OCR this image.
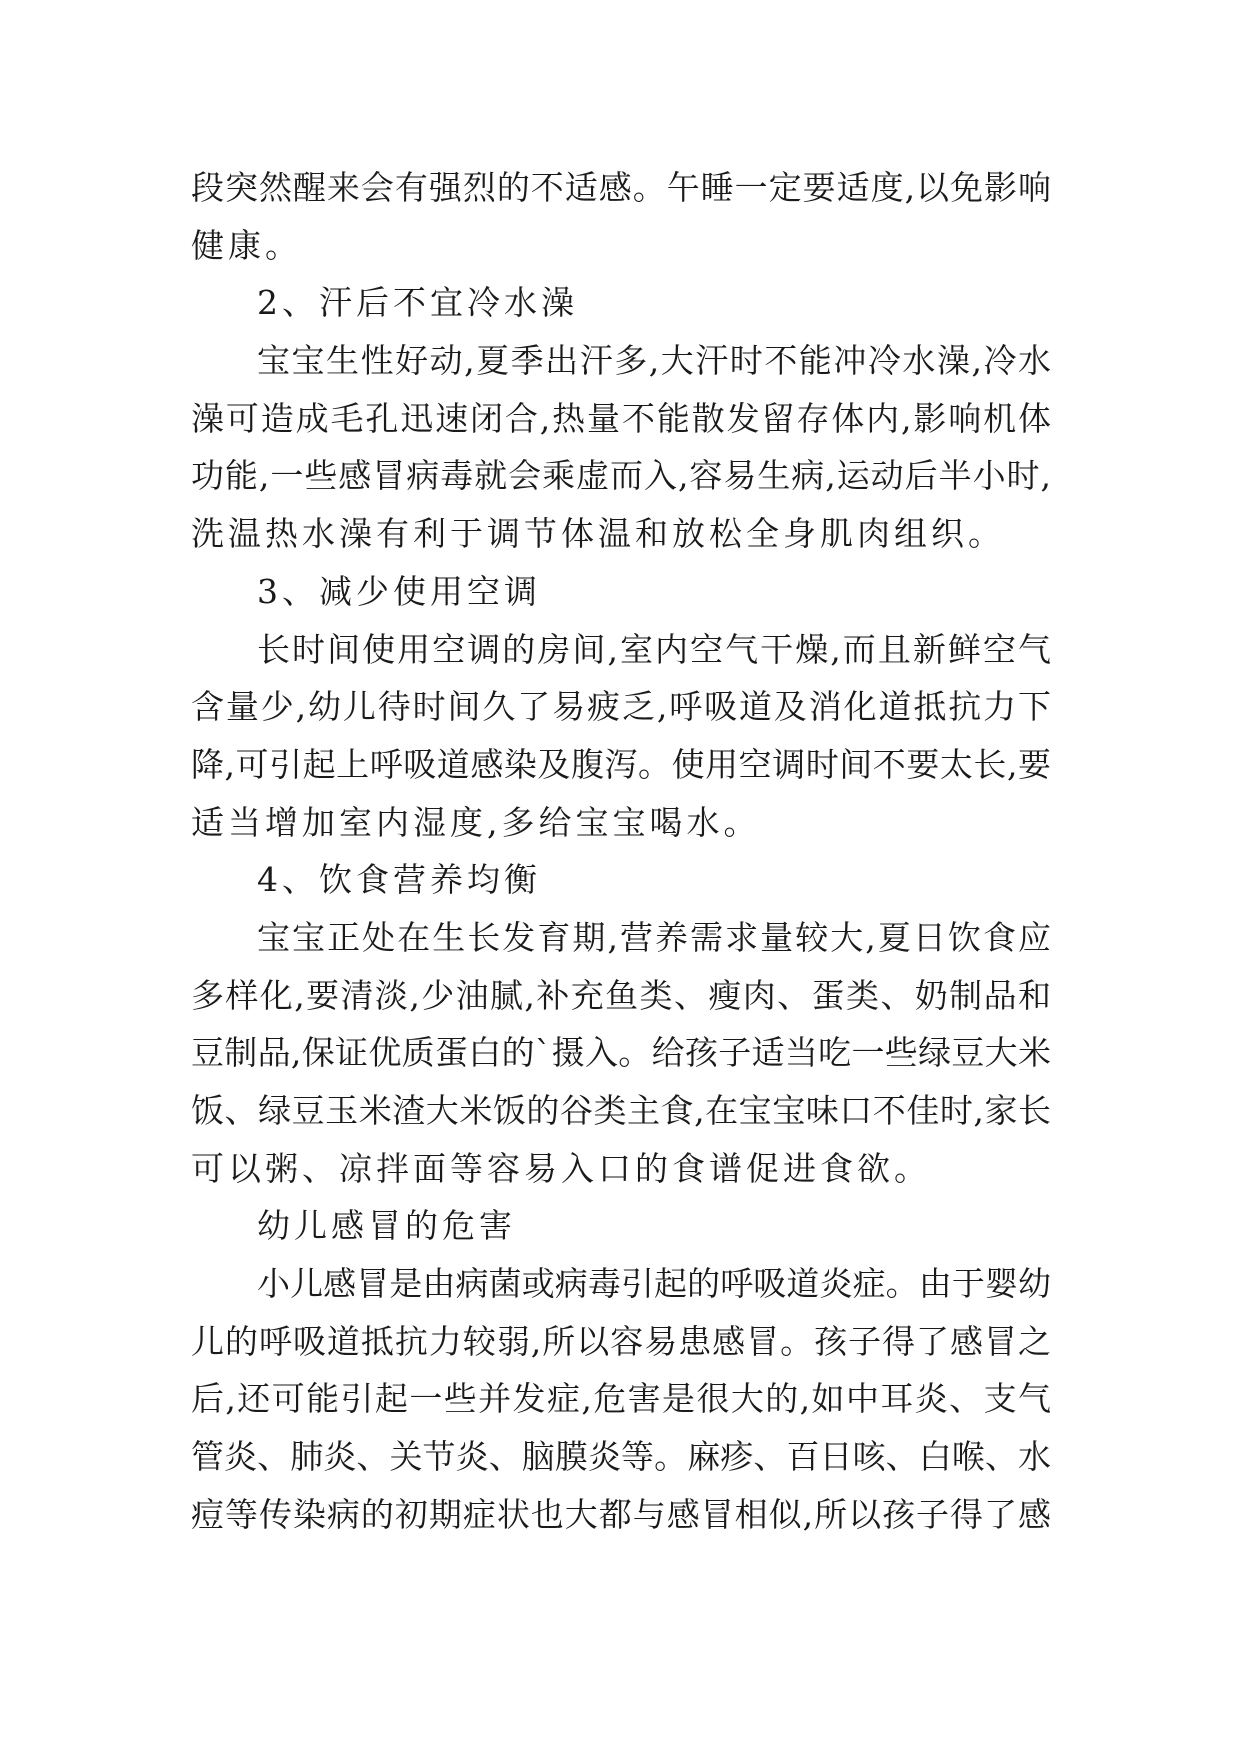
段突然醒来会有强烈的不适感。午睡一定要适度,以免影响

健康。

2、汗后不宜冷水澡

宝宝生性好动,夏季出汗多,大汗时不能冲冷水澡,冷水

澡可造成毛孔迅速闭合,热量不能散发留存体内,影响机体

功能,一些感冒病毒就会乘虚而入,容易生病,运动后半小时,

洗温热水澡有利于调节体温和放松全身肌肉组织。

3、减少使用空调

长时间使用空调的房间,室内空气干燥,而且新鲜空气

含量少,幼儿待时间久了易疲乏,呼吸道及消化道抵抗力下

降,可引起上呼吸道感染及腹泻。使用空调时间不要太长,要

适当增加室内湿度,多给宝宝喝水。

4、饮食营养均衡

宝宝正处在生长发育期,营养需求量较大,夏日饮食应

多样化,要清淡,少油腻,补充鱼类、瘦肉、蛋类、奶制品和

豆制品,保证优质蛋白的`摄入。给孩子适当吃一些绿豆大米

饭、绿豆玉米渣大米饭的谷类主食,在宝宝味口不佳时,家长

可以粥、凉拌面等容易入口的食谱促进食欲。

幼儿感冒的危害

小儿感冒是由病菌或病毒引起的呼吸道炎症。由于婴幼

儿的呼吸道抵抗力较弱,所以容易患感冒。孩子得了感冒之

后,还可能引起一些并发症,危害是很大的,如中耳炎、支气

管炎、肺炎、关节炎、脑膜炎等。麻疹、百日咳、白喉、水

痘等传染病的初期症状也大都与感冒相似,所以孩子得了感
